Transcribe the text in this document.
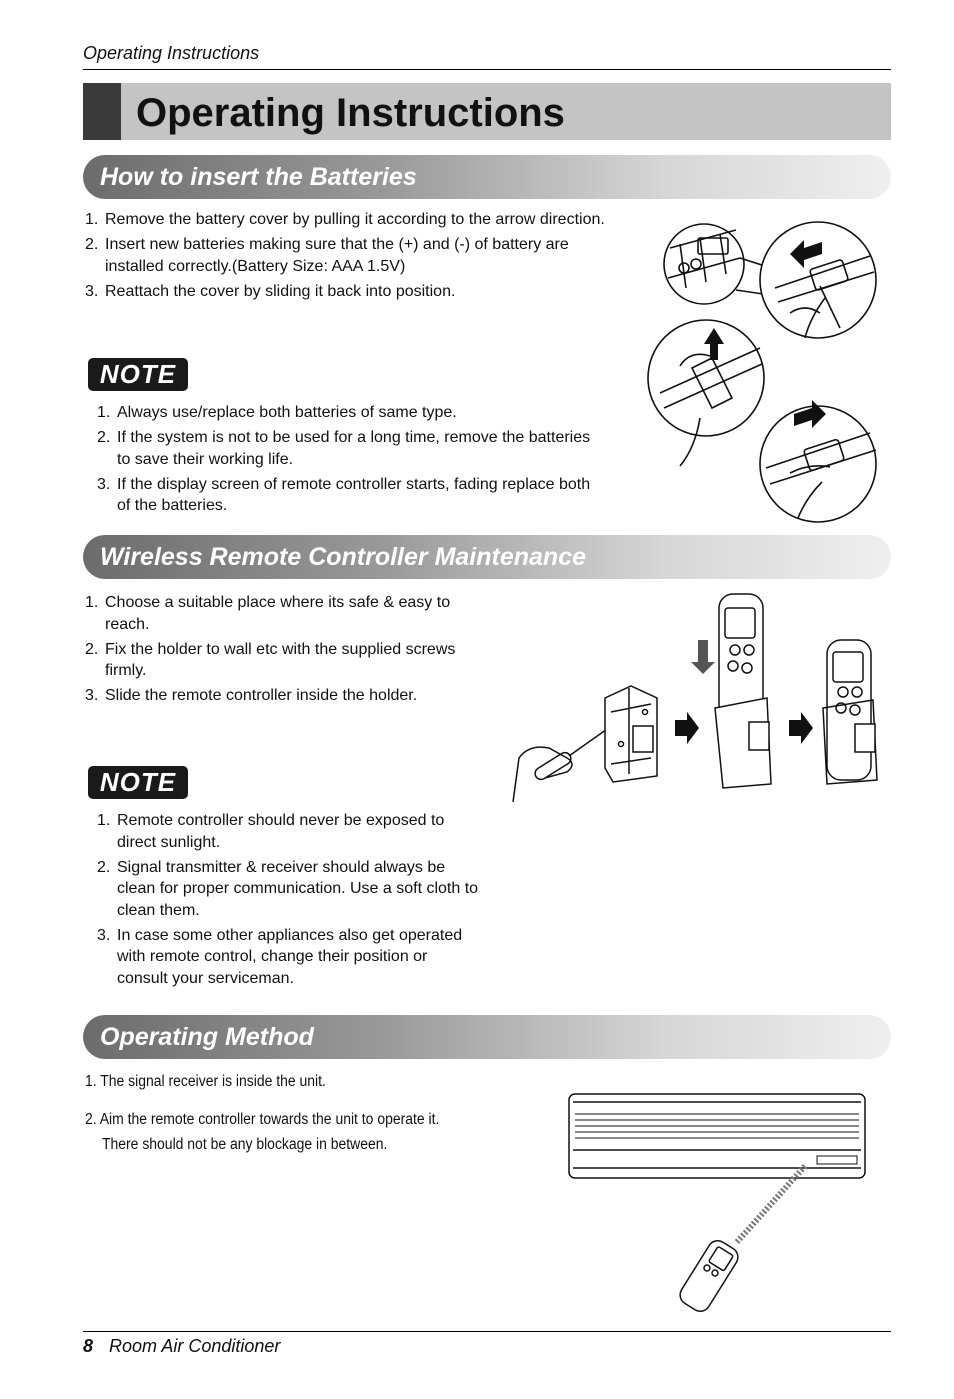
Operating Instructions
Operating Instructions
How to insert the Batteries
1. Remove the battery cover by pulling it according to the arrow direction.
2. Insert new batteries making sure that the (+) and (-) of battery are installed correctly.(Battery Size: AAA 1.5V)
3. Reattach the cover by sliding it back into position.
NOTE
1. Always use/replace both batteries of same type.
2. If the system is not to be used for a long time, remove the batteries to save their working life.
3. If the display screen of remote controller starts, fading replace both of the batteries.
Wireless Remote Controller Maintenance
1. Choose a suitable place where its safe & easy to reach.
2. Fix the holder to wall etc with the supplied screws firmly.
3. Slide the remote controller inside the holder.
NOTE
1. Remote controller should never be exposed to direct sunlight.
2. Signal transmitter & receiver should always be clean for proper communication. Use a soft cloth to clean them.
3. In case some other appliances also get operated with remote control, change their position or consult your serviceman.
Operating Method
1. The signal receiver is inside the unit.
2. Aim the remote controller towards the unit to operate it.
There should not be any blockage in between.
8 Room Air Conditioner
